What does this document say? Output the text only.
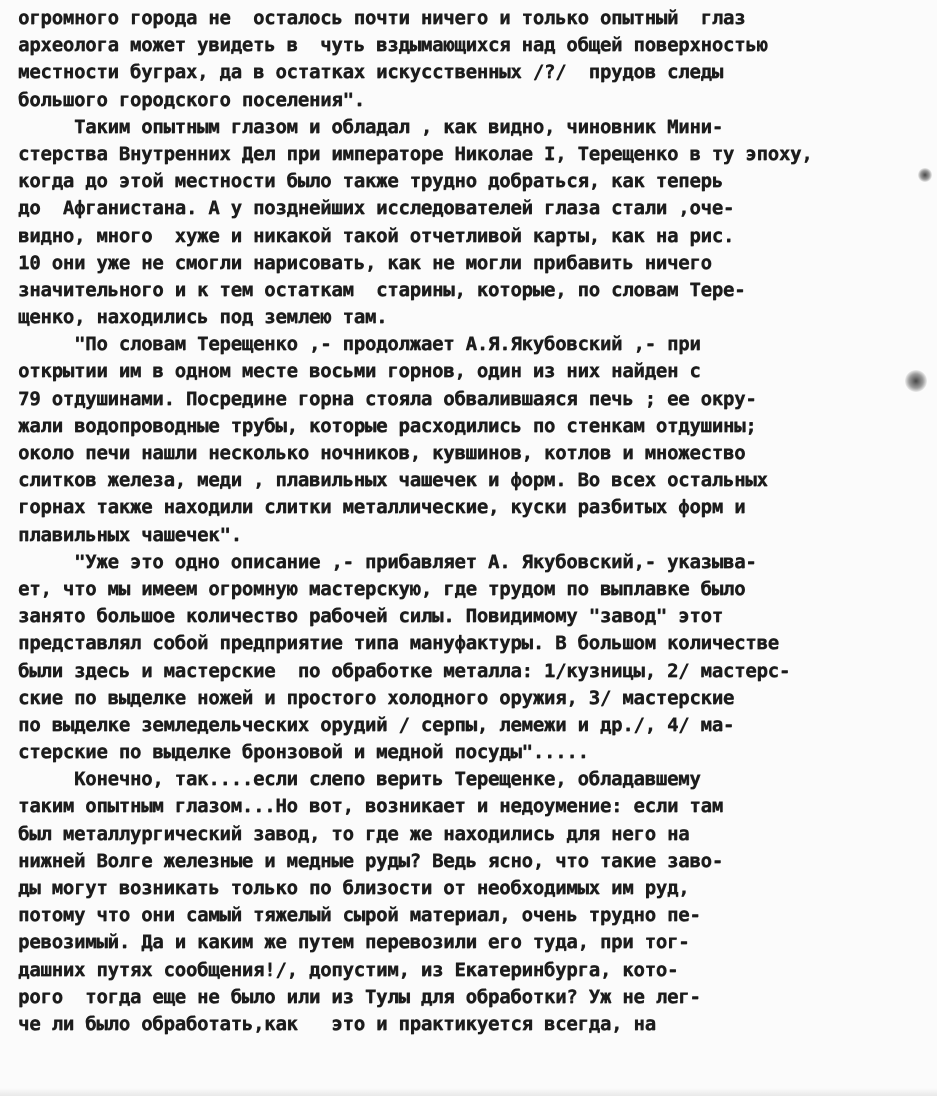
огромного города не  осталось почти ничего и только опытный  глаз
археолога может увидеть в  чуть вздымающихся над общей поверхностью
местности буграх, да в остатках искусственных /?/  прудов следы
большого городского поселения".
Таким опытным глазом и обладал , как видно, чиновник Мини-
стерства Внутренних Дел при императоре Николае I, Терещенко в ту эпоху,
когда до этой местности было также трудно добраться, как теперь
до  Афганистана. А у позднейших исследователей глаза стали ,оче-
видно, много  хуже и никакой такой отчетливой карты, как на рис.
10 они уже не смогли нарисовать, как не могли прибавить ничего
значительного и к тем остаткам  старины, которые, по словам Тере-
щенко, находились под землею там.
"По словам Терещенко ,- продолжает А.Я.Якубовский ,- при
открытии им в одном месте восьми горнов, один из них найден с
79 отдушинами. Посредине горна стояла обвалившаяся печь ; ее окру-
жали водопроводные трубы, которые расходились по стенкам отдушины;
около печи нашли несколько ночников, кувшинов, котлов и множество
слитков железа, меди , плавильных чашечек и форм. Во всех остальных
горнах также находили слитки металлические, куски разбитых форм и
плавильных чашечек".
"Уже это одно описание ,- прибавляет А. Якубовский,- указыва-
ет, что мы имеем огромную мастерскую, где трудом по выплавке было
занято большое количество рабочей силы. Повидимому "завод" этот
представлял собой предприятие типа мануфактуры. В большом количестве
были здесь и мастерские  по обработке металла: 1/кузницы, 2/ мастерс-
ские по выделке ножей и простого холодного оружия, 3/ мастерские
по выделке земледельческих орудий / серпы, лемежи и др./, 4/ ма-
стерские по выделке бронзовой и медной посуды".....
Конечно, так....если слепо верить Терещенке, обладавшему
таким опытным глазом...Но вот, возникает и недоумение: если там
был металлургический завод, то где же находились для него на
нижней Волге железные и медные руды? Ведь ясно, что такие заво-
ды могут возникать только по близости от необходимых им руд,
потому что они самый тяжелый сырой материал, очень трудно пе-
ревозимый. Да и каким же путем перевозили его туда, при тог-
дашних путях сообщения!/, допустим, из Екатеринбурга, кото-
рого  тогда еще не было или из Тулы для обработки? Уж не лег-
че ли было обработать,как   это и практикуется всегда, на
